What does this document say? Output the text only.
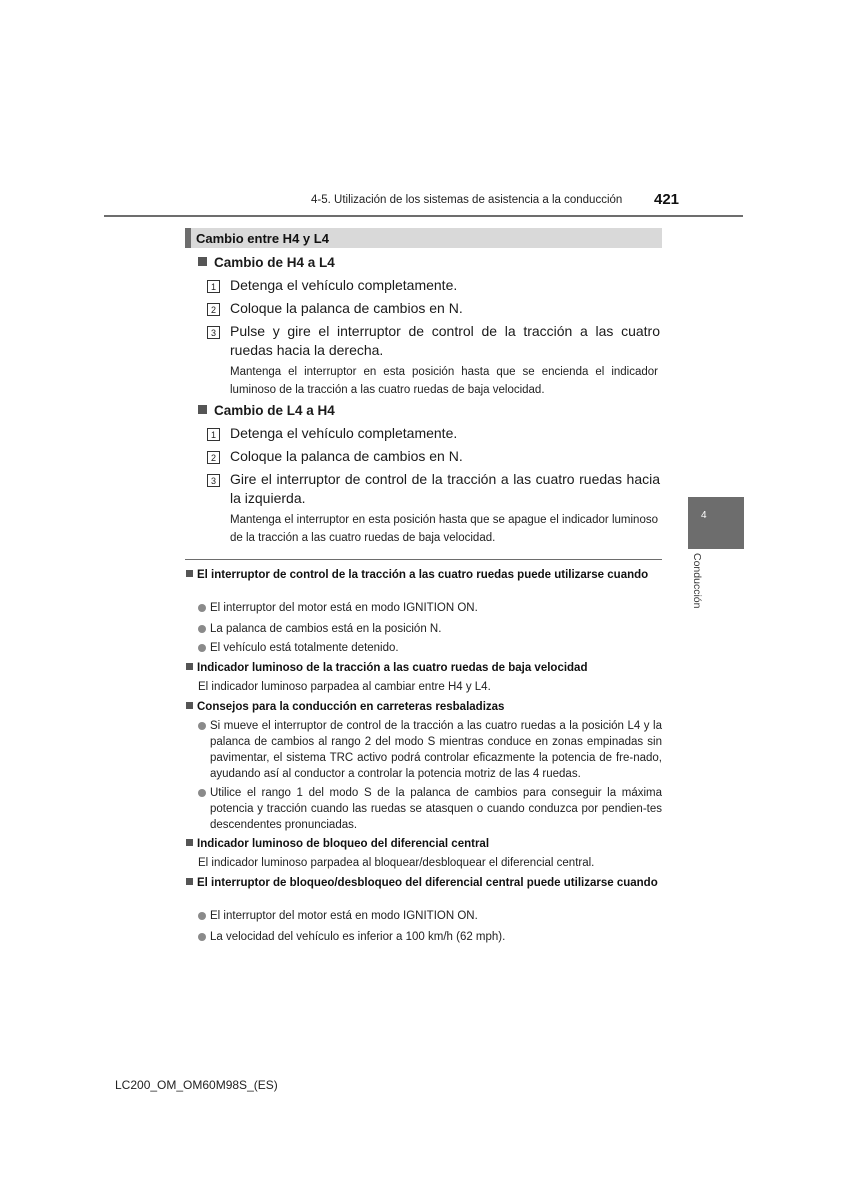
4-5. Utilización de los sistemas de asistencia a la conducción 421
Cambio entre H4 y L4
Cambio de H4 a L4
1 Detenga el vehículo completamente.
2 Coloque la palanca de cambios en N.
3 Pulse y gire el interruptor de control de la tracción a las cuatro ruedas hacia la derecha.
Mantenga el interruptor en esta posición hasta que se encienda el indicador luminoso de la tracción a las cuatro ruedas de baja velocidad.
Cambio de L4 a H4
1 Detenga el vehículo completamente.
2 Coloque la palanca de cambios en N.
3 Gire el interruptor de control de la tracción a las cuatro ruedas hacia la izquierda.
Mantenga el interruptor en esta posición hasta que se apague el indicador luminoso de la tracción a las cuatro ruedas de baja velocidad.
El interruptor de control de la tracción a las cuatro ruedas puede utilizarse cuando
El interruptor del motor está en modo IGNITION ON.
La palanca de cambios está en la posición N.
El vehículo está totalmente detenido.
Indicador luminoso de la tracción a las cuatro ruedas de baja velocidad
El indicador luminoso parpadea al cambiar entre H4 y L4.
Consejos para la conducción en carreteras resbaladizas
Si mueve el interruptor de control de la tracción a las cuatro ruedas a la posición L4 y la palanca de cambios al rango 2 del modo S mientras conduce en zonas empinadas sin pavimentar, el sistema TRC activo podrá controlar eficazmente la potencia de fre-nado, ayudando así al conductor a controlar la potencia motriz de las 4 ruedas.
Utilice el rango 1 del modo S de la palanca de cambios para conseguir la máxima potencia y tracción cuando las ruedas se atasquen o cuando conduzca por pendien-tes descendentes pronunciadas.
Indicador luminoso de bloqueo del diferencial central
El indicador luminoso parpadea al bloquear/desbloquear el diferencial central.
El interruptor de bloqueo/desbloqueo del diferencial central puede utilizarse cuando
El interruptor del motor está en modo IGNITION ON.
La velocidad del vehículo es inferior a 100 km/h (62 mph).
4
Conducción
LC200_OM_OM60M98S_(ES)
